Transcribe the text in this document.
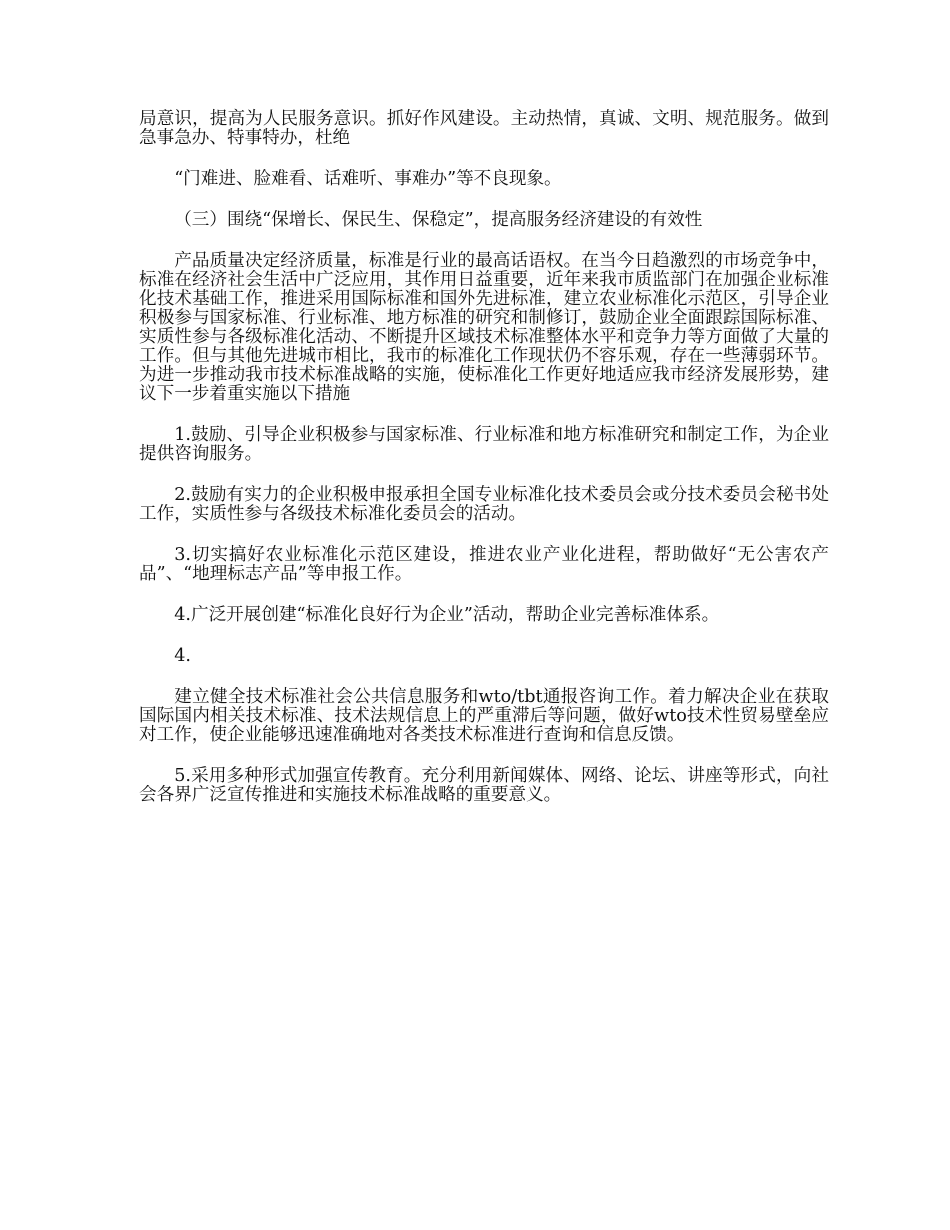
局意识，提高为人民服务意识。抓好作风建设。主动热情，真诚、文明、规范服务。做到急事急办、特事特办，杜绝

“门难进、脸难看、话难听、事难办”等不良现象。

（三）围绕“保增长、保民生、保稳定”，提高服务经济建设的有效性

产品质量决定经济质量，标准是行业的最高话语权。在当今日趋激烈的市场竞争中，标准在经济社会生活中广泛应用，其作用日益重要，近年来我市质监部门在加强企业标准化技术基础工作，推进采用国际标准和国外先进标准，建立农业标准化示范区，引导企业积极参与国家标准、行业标准、地方标准的研究和制修订，鼓励企业全面跟踪国际标准、实质性参与各级标准化活动、不断提升区域技术标准整体水平和竞争力等方面做了大量的工作。但与其他先进城市相比，我市的标准化工作现状仍不容乐观，存在一些薄弱环节。为进一步推动我市技术标准战略的实施，使标准化工作更好地适应我市经济发展形势，建议下一步着重实施以下措施

1.鼓励、引导企业积极参与国家标准、行业标准和地方标准研究和制定工作，为企业提供咨询服务。

2.鼓励有实力的企业积极申报承担全国专业标准化技术委员会或分技术委员会秘书处工作，实质性参与各级技术标准化委员会的活动。

3.切实搞好农业标准化示范区建设，推进农业产业化进程，帮助做好“无公害农产品”、“地理标志产品”等申报工作。

4.广泛开展创建“标准化良好行为企业”活动，帮助企业完善标准体系。

4.

建立健全技术标准社会公共信息服务和wto/tbt通报咨询工作。着力解决企业在获取国际国内相关技术标准、技术法规信息上的严重滞后等问题，做好wto技术性贸易壁垒应对工作，使企业能够迅速准确地对各类技术标准进行查询和信息反馈。

5.采用多种形式加强宣传教育。充分利用新闻媒体、网络、论坛、讲座等形式，向社会各界广泛宣传推进和实施技术标准战略的重要意义。
